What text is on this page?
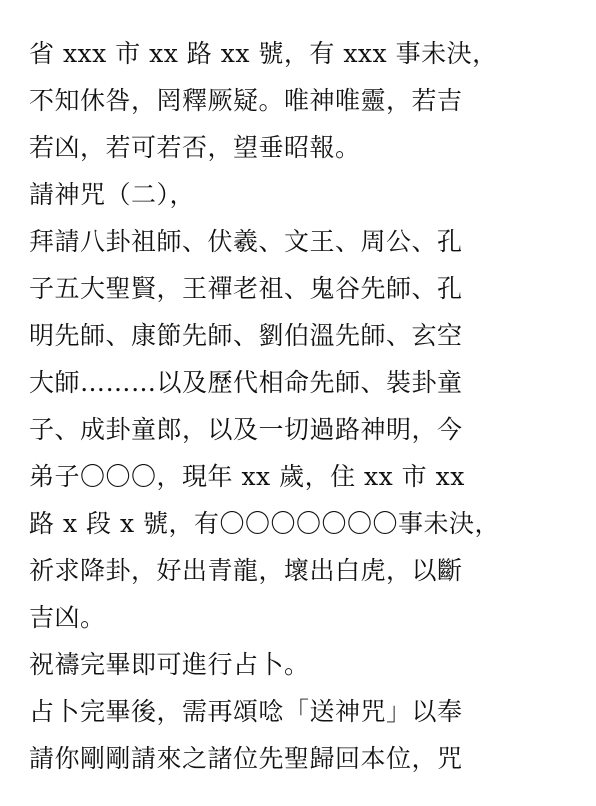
省 xxx 市 xx 路 xx 號，有 xxx 事未決，
不知休咎，罔釋厥疑。唯神唯靈，若吉
若凶，若可若否，望垂昭報。
請神咒（二），
拜請八卦祖師、伏羲、文王、周公、孔
子五大聖賢，王禪老祖、鬼谷先師、孔
明先師、康節先師、劉伯溫先師、玄空
大師………以及歷代相命先師、裝卦童
子、成卦童郎，以及一切過路神明，今
弟子〇〇〇，現年 xx 歲，住 xx 市 xx
路 x 段 x 號，有〇〇〇〇〇〇〇事未決，
祈求降卦，好出青龍，壞出白虎，以斷
吉凶。
祝禱完畢即可進行占卜。
占卜完畢後，需再頌唸「送神咒」以奉
請你剛剛請來之諸位先聖歸回本位，咒
